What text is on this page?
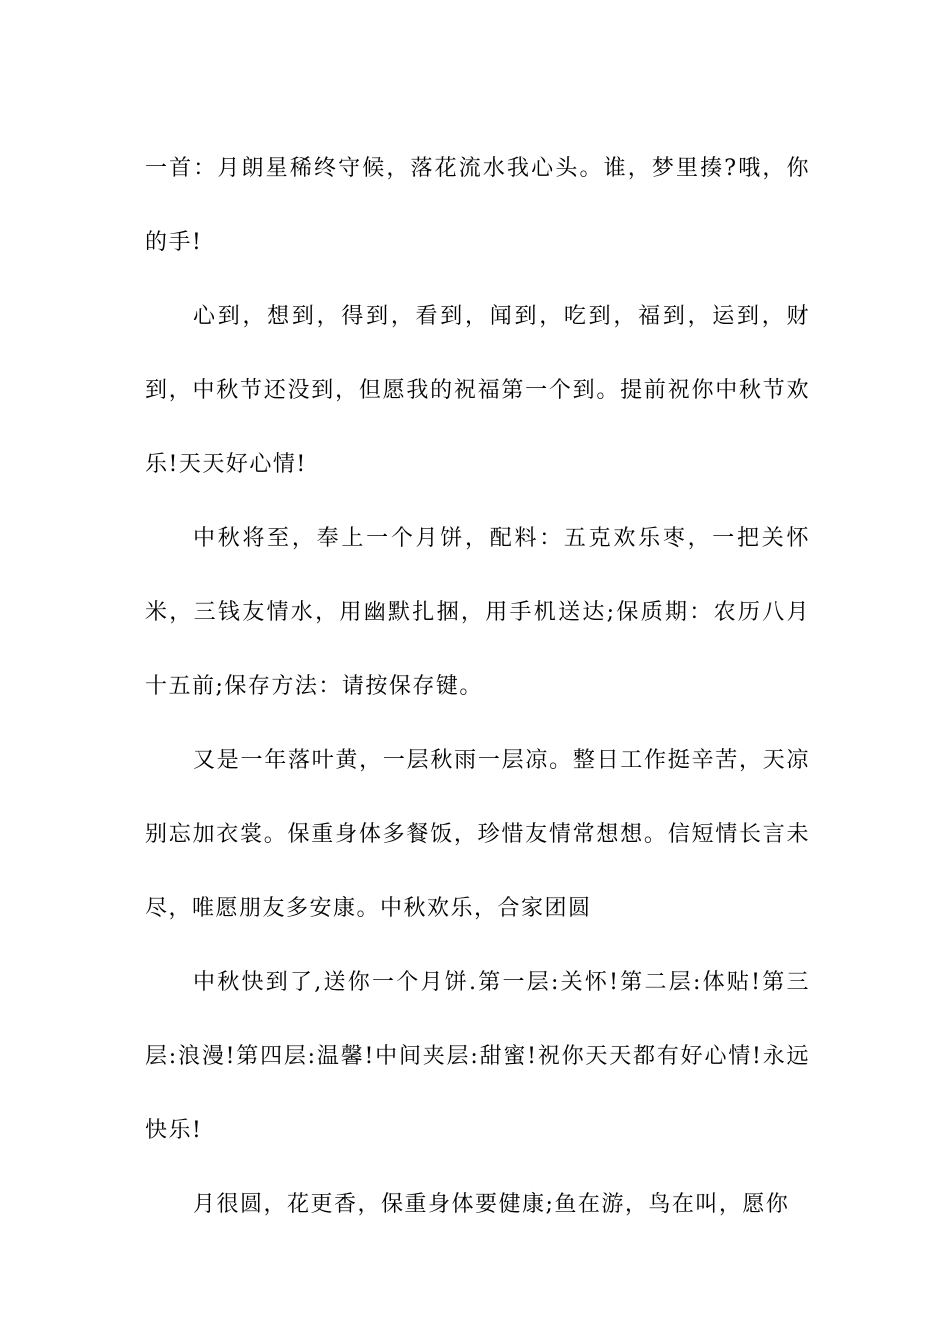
一首：月朗星稀终守候，落花流水我心头。谁，梦里揍?哦，你的手!

心到，想到，得到，看到，闻到，吃到，福到，运到，财到，中秋节还没到，但愿我的祝福第一个到。提前祝你中秋节欢乐!天天好心情!

中秋将至，奉上一个月饼，配料：五克欢乐枣，一把关怀米，三钱友情水，用幽默扎捆，用手机送达;保质期：农历八月十五前;保存方法：请按保存键。

又是一年落叶黄，一层秋雨一层凉。整日工作挺辛苦，天凉别忘加衣裳。保重身体多餐饭，珍惜友情常想想。信短情长言未尽，唯愿朋友多安康。中秋欢乐，合家团圆

中秋快到了,送你一个月饼.第一层:关怀!第二层:体贴!第三层:浪漫!第四层:温馨!中间夹层:甜蜜!祝你天天都有好心情!永远快乐!

月很圆，花更香，保重身体要健康;鱼在游，鸟在叫，愿你
